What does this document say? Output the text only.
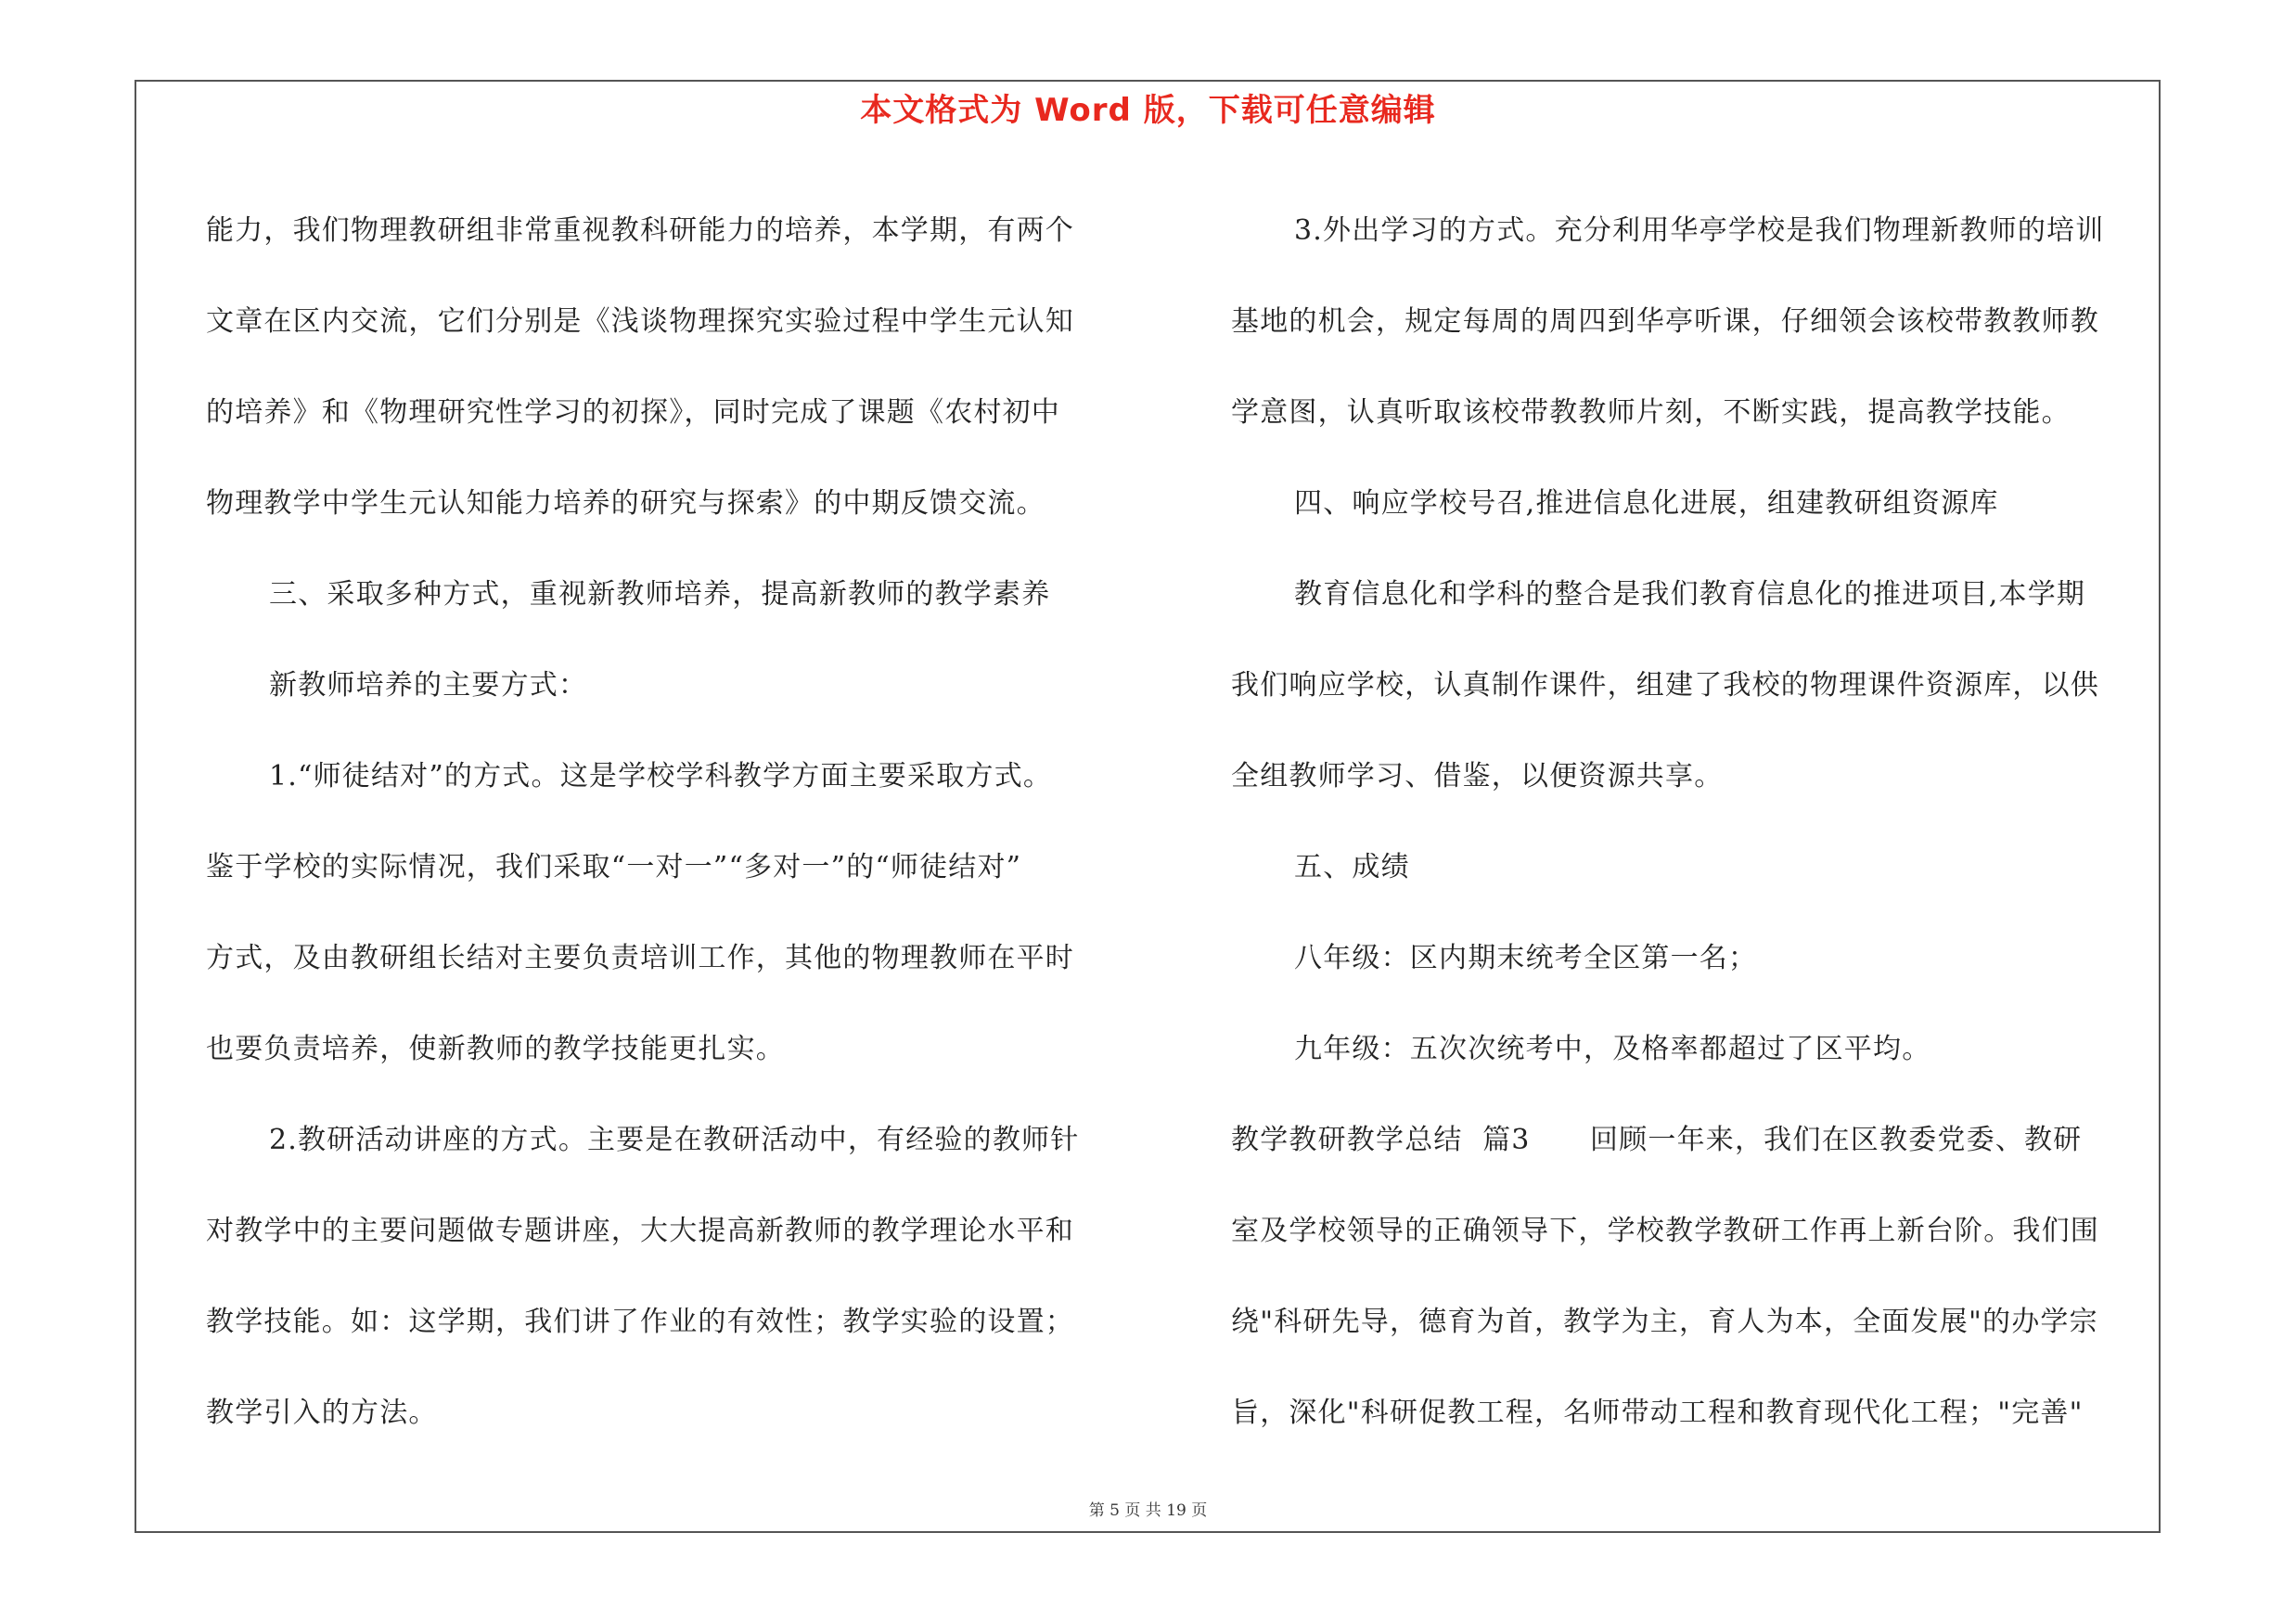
本文格式为 Word 版，下载可任意编辑

能力，我们物理教研组非常重视教科研能力的培养，本学期，有两个

文章在区内交流，它们分别是《浅谈物理探究实验过程中学生元认知

的培养》和《物理研究性学习的初探》，同时完成了课题《农村初中

物理教学中学生元认知能力培养的研究与探索》的中期反馈交流。

三、采取多种方式，重视新教师培养，提高新教师的教学素养

新教师培养的主要方式：

1.“师徒结对”的方式。这是学校学科教学方面主要采取方式。

鉴于学校的实际情况，我们采取“一对一”“多对一”的“师徒结对”

方式，及由教研组长结对主要负责培训工作，其他的物理教师在平时

也要负责培养，使新教师的教学技能更扎实。

2.教研活动讲座的方式。主要是在教研活动中，有经验的教师针

对教学中的主要问题做专题讲座，大大提高新教师的教学理论水平和

教学技能。如：这学期，我们讲了作业的有效性；教学实验的设置；

教学引入的方法。

3.外出学习的方式。充分利用华亭学校是我们物理新教师的培训

基地的机会，规定每周的周四到华亭听课，仔细领会该校带教教师教

学意图，认真听取该校带教教师片刻，不断实践，提高教学技能。

四、响应学校号召,推进信息化进展，组建教研组资源库

教育信息化和学科的整合是我们教育信息化的推进项目,本学期

我们响应学校，认真制作课件，组建了我校的物理课件资源库，以供

全组教师学习、借鉴，以便资源共享。

五、成绩

八年级：区内期末统考全区第一名；

九年级：五次次统考中，及格率都超过了区平均。

教学教研教学总结  篇3      回顾一年来，我们在区教委党委、教研

室及学校领导的正确领导下，学校教学教研工作再上新台阶。我们围

绕"科研先导，德育为首，教学为主，育人为本，全面发展"的办学宗

旨，深化"科研促教工程，名师带动工程和教育现代化工程；"完善"

第 5 页 共 19 页
